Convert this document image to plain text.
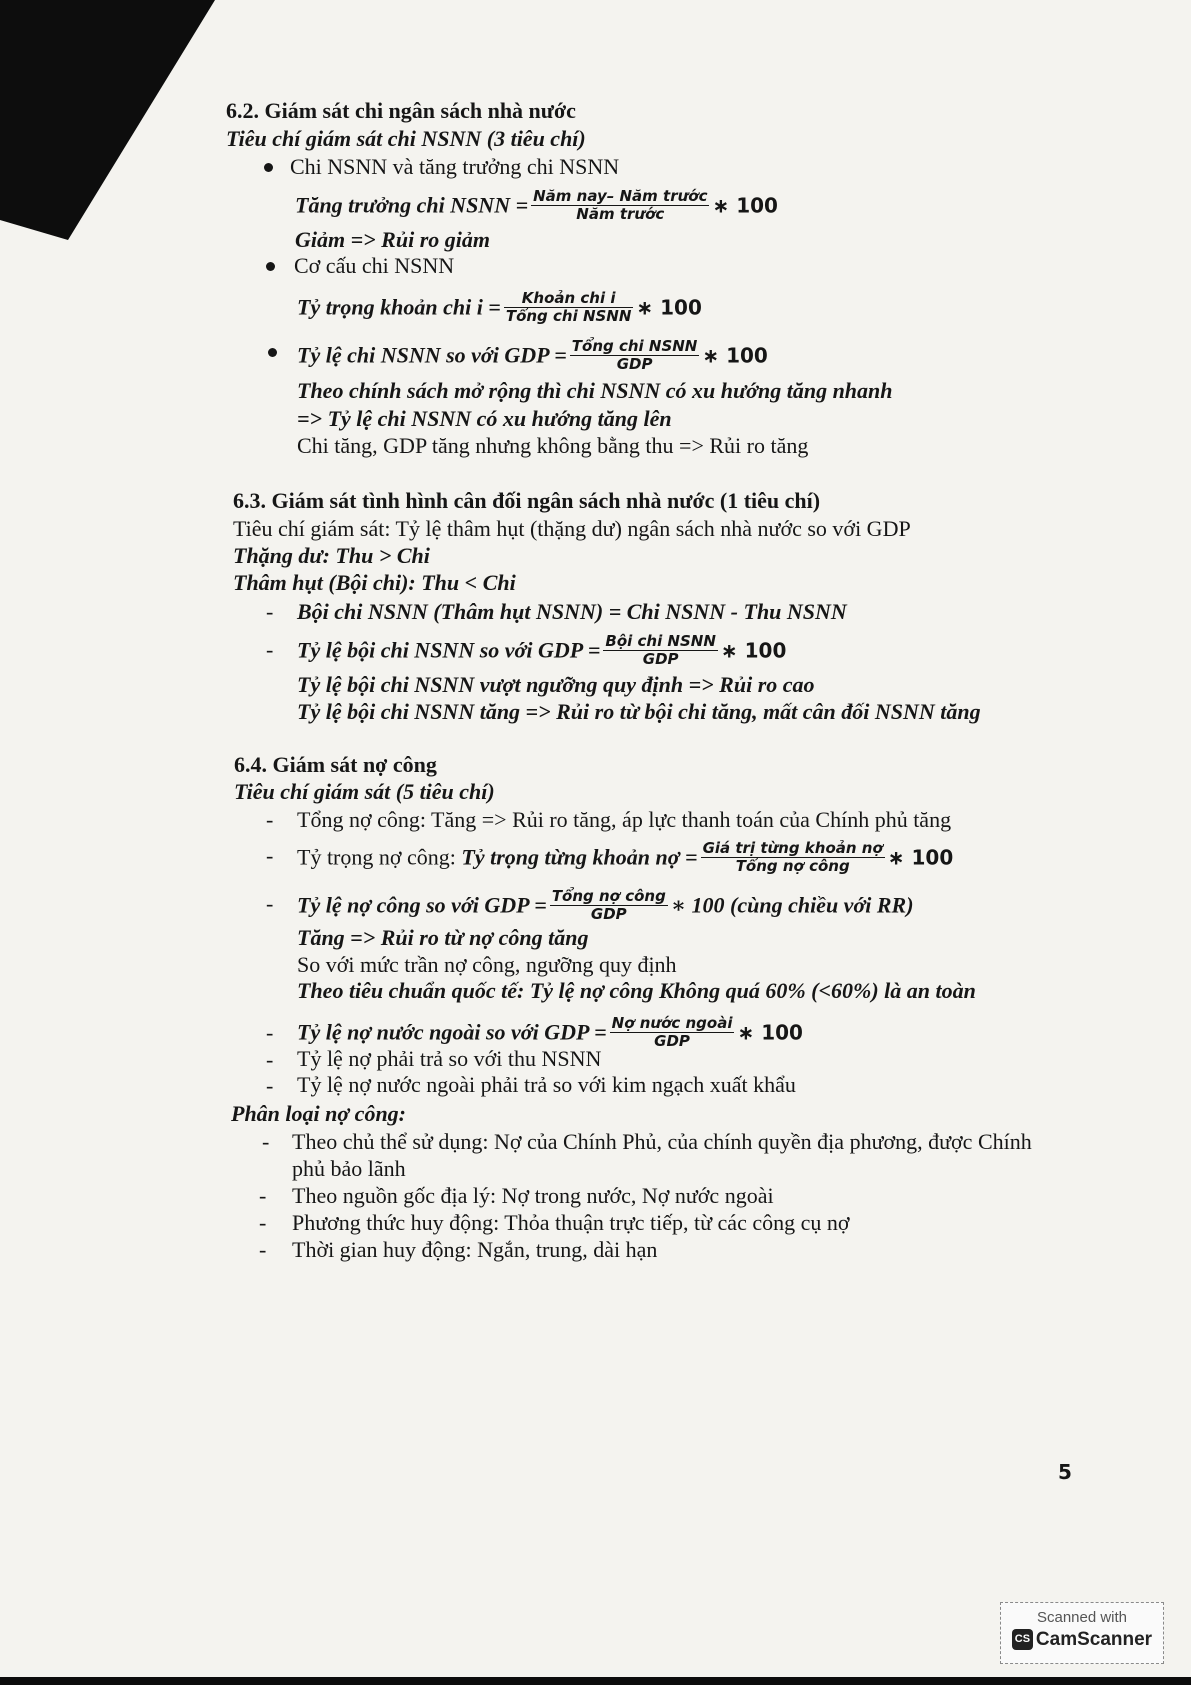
6.2. Giám sát chi ngân sách nhà nước
Tiêu chí giám sát chi NSNN (3 tiêu chí)
Chi NSNN và tăng trưởng chi NSNN
Tăng trưởng chi NSNN = $\frac{\text{Năm nay– Năm trước}}{\text{Năm trước}}$ ∗ 100
Giảm => Rủi ro giảm
Cơ cấu chi NSNN
Tỷ trọng khoản chi $i = \frac{\text{Khoản chi i}}{\text{Tổng chi NSNN}}$ ∗ 100
Tỷ lệ chi NSNN so với GDP = $\frac{\text{Tổng chi NSNN}}{\text{GDP}}$ ∗ 100
Theo chính sách mở rộng thì chi NSNN có xu hướng tăng nhanh
=> Tỷ lệ chi NSNN có xu hướng tăng lên
Chi tăng, GDP tăng nhưng không bằng thu => Rủi ro tăng
6.3. Giám sát tình hình cân đối ngân sách nhà nước (1 tiêu chí)
Tiêu chí giám sát: Tỷ lệ thâm hụt (thặng dư) ngân sách nhà nước so với GDP
Thặng dư: Thu > Chi
Thâm hụt (Bội chi): Thu < Chi
- Bội chi NSNN (Thâm hụt NSNN) = Chi NSNN - Thu NSNN
- Tỷ lệ bội chi NSNN so với GDP = $\frac{\text{Bội chi NSNN}}{\text{GDP}}$ ∗ 100
Tỷ lệ bội chi NSNN vượt ngưỡng quy định => Rủi ro cao
Tỷ lệ bội chi NSNN tăng => Rủi ro từ bội chi tăng, mất cân đối NSNN tăng
6.4. Giám sát nợ công
Tiêu chí giám sát (5 tiêu chí)
- Tổng nợ công: Tăng => Rủi ro tăng, áp lực thanh toán của Chính phủ tăng
- Tỷ trọng nợ công: Tỷ trọng từng khoản nợ = $\frac{\text{Giá trị từng khoản nợ}}{\text{Tổng nợ công}}$ ∗ 100
- Tỷ lệ nợ công so với GDP = $\frac{\text{Tổng nợ công}}{\text{GDP}}$ ∗ 100 (cùng chiều với RR)
Tăng => Rủi ro từ nợ công tăng
So với mức trần nợ công, ngưỡng quy định
Theo tiêu chuẩn quốc tế: Tỷ lệ nợ công Không quá 60% (<60%) là an toàn
- Tỷ lệ nợ nước ngoài so với GDP = $\frac{\text{Nợ nước ngoài}}{\text{GDP}}$ ∗ 100
- Tỷ lệ nợ phải trả so với thu NSNN
- Tỷ lệ nợ nước ngoài phải trả so với kim ngạch xuất khẩu
Phân loại nợ công:
- Theo chủ thể sử dụng: Nợ của Chính Phủ, của chính quyền địa phương, được Chính
phủ bảo lãnh
- Theo nguồn gốc địa lý: Nợ trong nước, Nợ nước ngoài
- Phương thức huy động: Thỏa thuận trực tiếp, từ các công cụ nợ
- Thời gian huy động: Ngắn, trung, dài hạn
5
Scanned with
CS CamScanner
